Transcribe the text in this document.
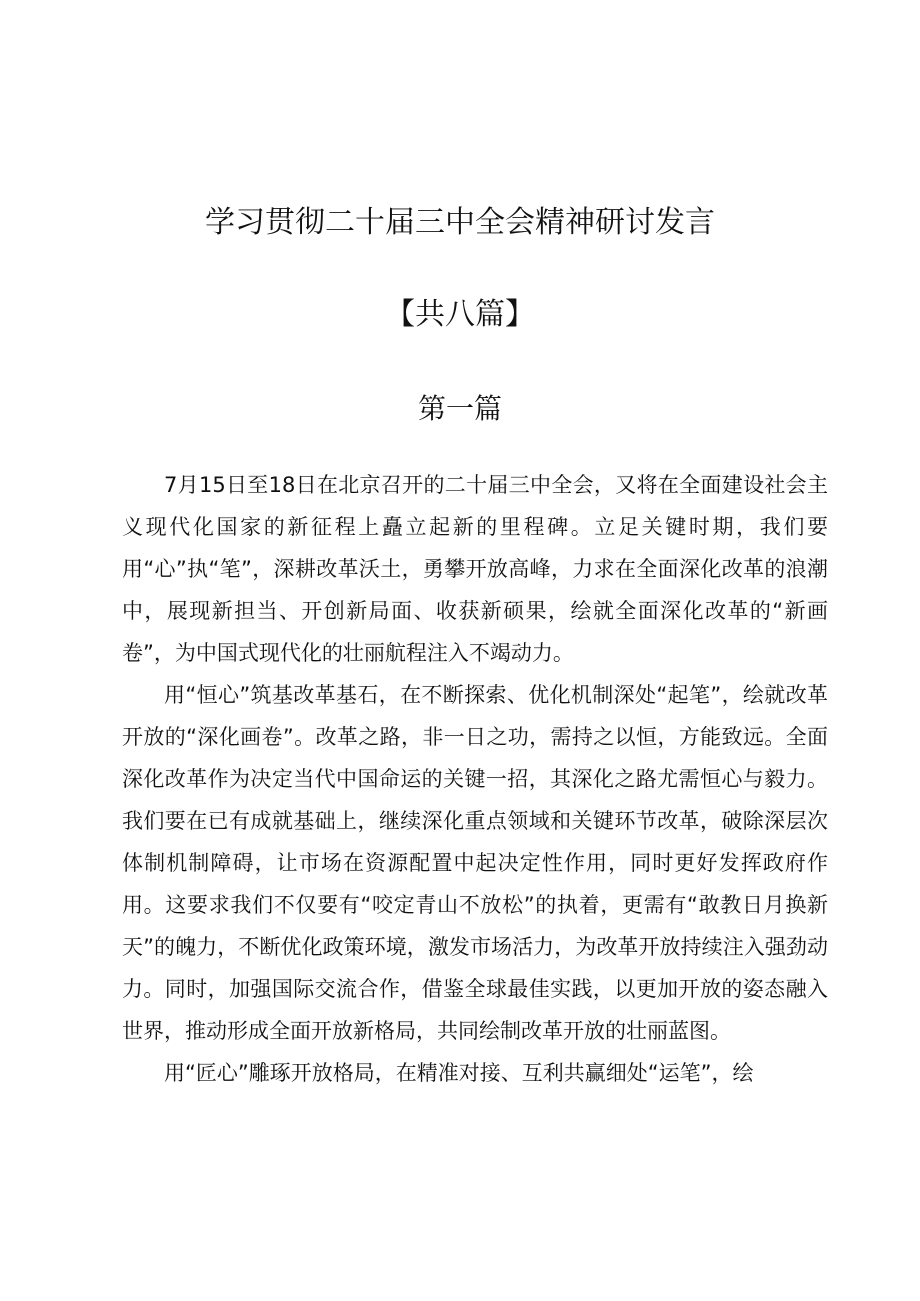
学习贯彻二十届三中全会精神研讨发言
【共八篇】
第一篇

7月15日至18日在北京召开的二十届三中全会，又将在全面建设社会主义现代化国家的新征程上矗立起新的里程碑。立足关键时期，我们要用“心”执“笔”，深耕改革沃土，勇攀开放高峰，力求在全面深化改革的浪潮中，展现新担当、开创新局面、收获新硕果，绘就全面深化改革的“新画卷”，为中国式现代化的壮丽航程注入不竭动力。

用“恒心”筑基改革基石，在不断探索、优化机制深处“起笔”，绘就改革开放的“深化画卷”。改革之路，非一日之功，需持之以恒，方能致远。全面深化改革作为决定当代中国命运的关键一招，其深化之路尤需恒心与毅力。我们要在已有成就基础上，继续深化重点领域和关键环节改革，破除深层次体制机制障碍，让市场在资源配置中起决定性作用，同时更好发挥政府作用。这要求我们不仅要有“咬定青山不放松”的执着，更需有“敢教日月换新天”的魄力，不断优化政策环境，激发市场活力，为改革开放持续注入强劲动力。同时，加强国际交流合作，借鉴全球最佳实践，以更加开放的姿态融入世界，推动形成全面开放新格局，共同绘制改革开放的壮丽蓝图。

用“匠心”雕琢开放格局，在精准对接、互利共赢细处“运笔”，绘
